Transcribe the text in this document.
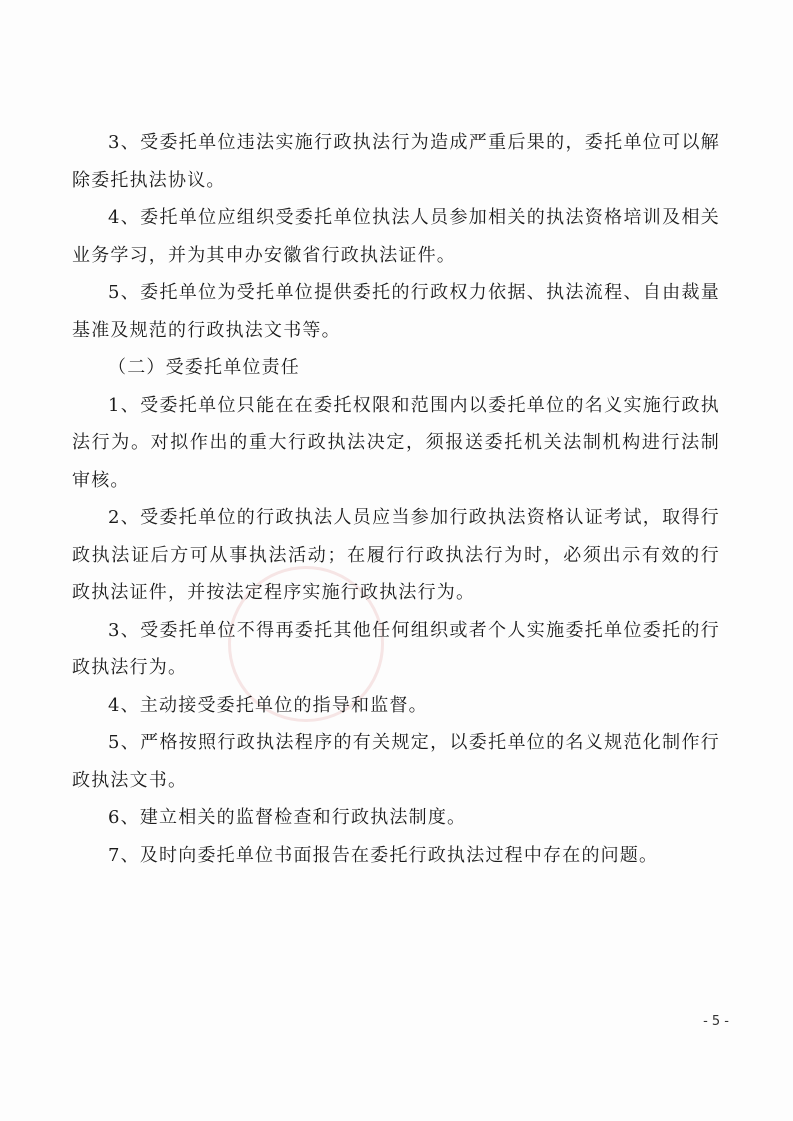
3、受委托单位违法实施行政执法行为造成严重后果的，委托单位可以解除委托执法协议。

4、委托单位应组织受委托单位执法人员参加相关的执法资格培训及相关业务学习，并为其申办安徽省行政执法证件。

5、委托单位为受托单位提供委托的行政权力依据、执法流程、自由裁量基准及规范的行政执法文书等。

（二）受委托单位责任

1、受委托单位只能在在委托权限和范围内以委托单位的名义实施行政执法行为。对拟作出的重大行政执法决定，须报送委托机关法制机构进行法制审核。

2、受委托单位的行政执法人员应当参加行政执法资格认证考试，取得行政执法证后方可从事执法活动；在履行行政执法行为时，必须出示有效的行政执法证件，并按法定程序实施行政执法行为。

3、受委托单位不得再委托其他任何组织或者个人实施委托单位委托的行政执法行为。

4、主动接受委托单位的指导和监督。

5、严格按照行政执法程序的有关规定，以委托单位的名义规范化制作行政执法文书。

6、建立相关的监督检查和行政执法制度。

7、及时向委托单位书面报告在委托行政执法过程中存在的问题。

- 5 -
